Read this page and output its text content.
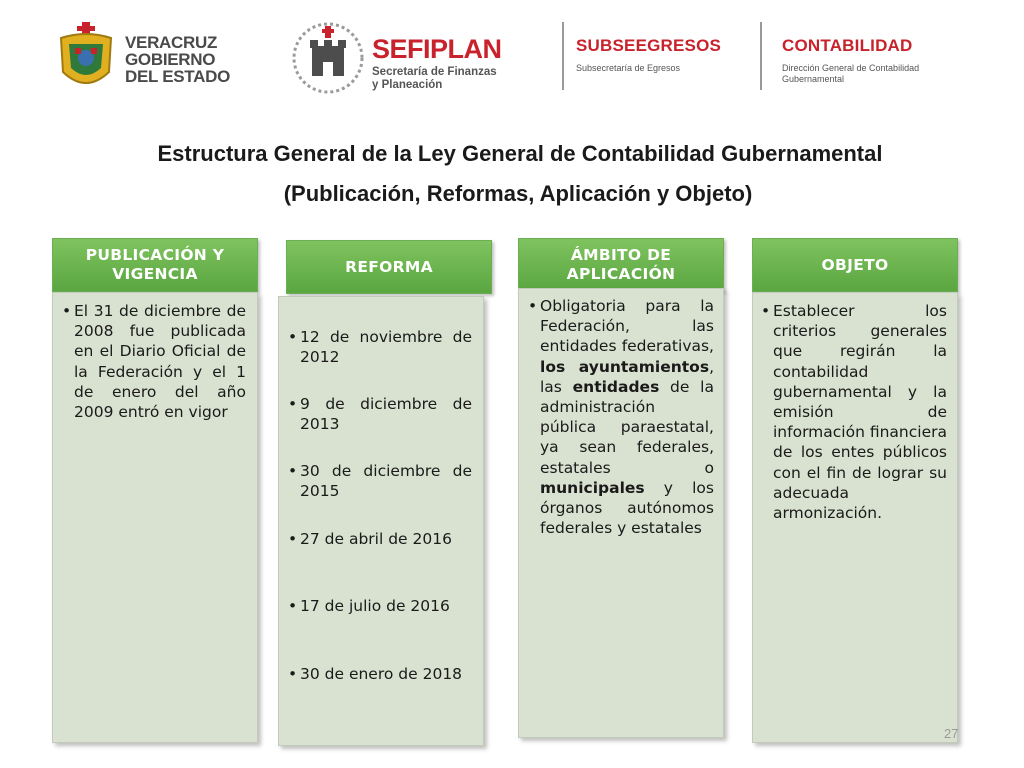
VERACRUZ
GOBIERNO
DEL ESTADO
SEFIPLAN
Secretaría de Finanzas
y Planeación
SUBSEEGRESOS
Subsecretaría de Egresos
CONTABILIDAD
Dirección General de Contabilidad
Gubernamental
Estructura General de la Ley General de Contabilidad Gubernamental
(Publicación, Reformas, Aplicación y Objeto)
PUBLICACIÓN Y
VIGENCIA
• El 31 de diciembre de 2008 fue publicada en el Diario Oficial de la Federación y el 1 de enero del año 2009 entró en vigor
REFORMA
• 12 de noviembre de 2012
• 9 de diciembre de 2013
• 30 de diciembre de 2015
• 27 de abril de 2016
• 17 de julio de 2016
• 30 de enero de 2018
ÁMBITO DE
APLICACIÓN
• Obligatoria para la Federación, las entidades federativas, los ayuntamientos, las entidades de la administración pública paraestatal, ya sean federales, estatales o municipales y los órganos autónomos federales y estatales
OBJETO
• Establecer los criterios generales que regirán la contabilidad gubernamental y la emisión de información financiera de los entes públicos con el fin de lograr su adecuada armonización.
27
